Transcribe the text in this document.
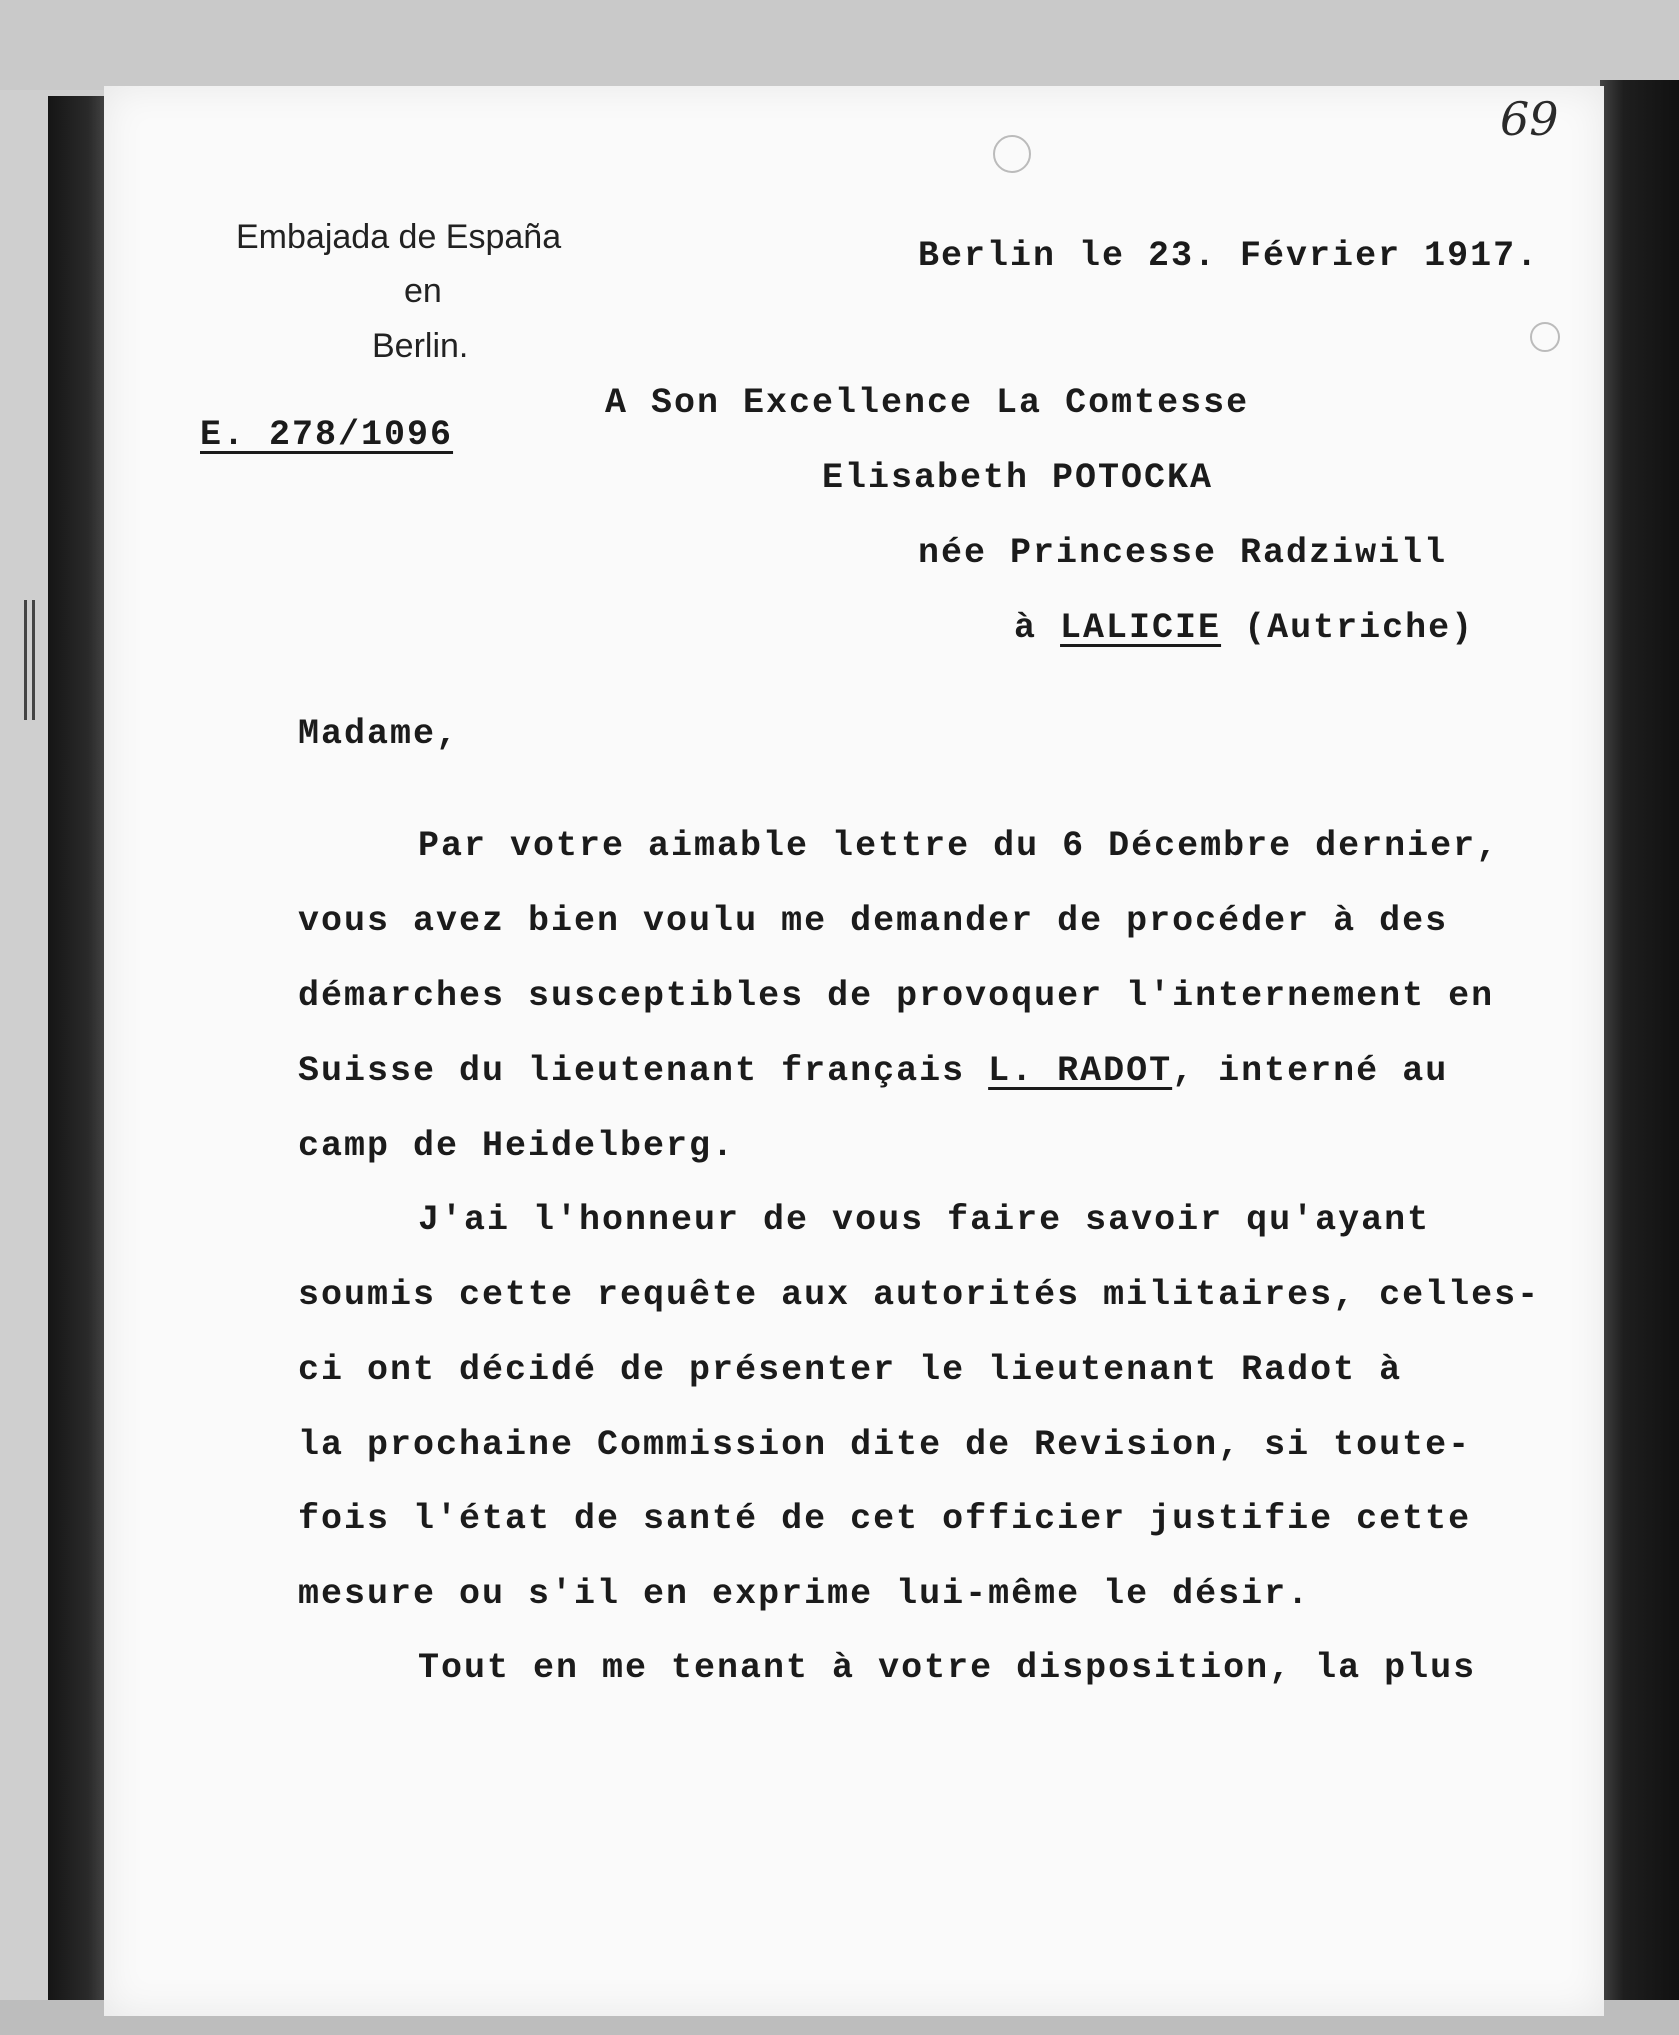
69
Embajada de España
en
Berlin.
E. 278/1096
Berlin le 23. Février 1917.
A Son Excellence La Comtesse
Elisabeth POTOCKA
née Princesse Radziwill
à LALICIE (Autriche)
Madame,
Par votre aimable lettre du 6 Décembre dernier,
vous avez bien voulu me demander de procéder à des
démarches susceptibles de provoquer l'internement en
Suisse du lieutenant français L. RADOT, interné au
camp de Heidelberg.
J'ai l'honneur de vous faire savoir qu'ayant
soumis cette requête aux autorités militaires, celles-
ci ont décidé de présenter le lieutenant Radot à
la prochaine Commission dite de Revision, si toute-
fois l'état de santé de cet officier justifie cette
mesure ou s'il en exprime lui-même le désir.
Tout en me tenant à votre disposition, la plus
